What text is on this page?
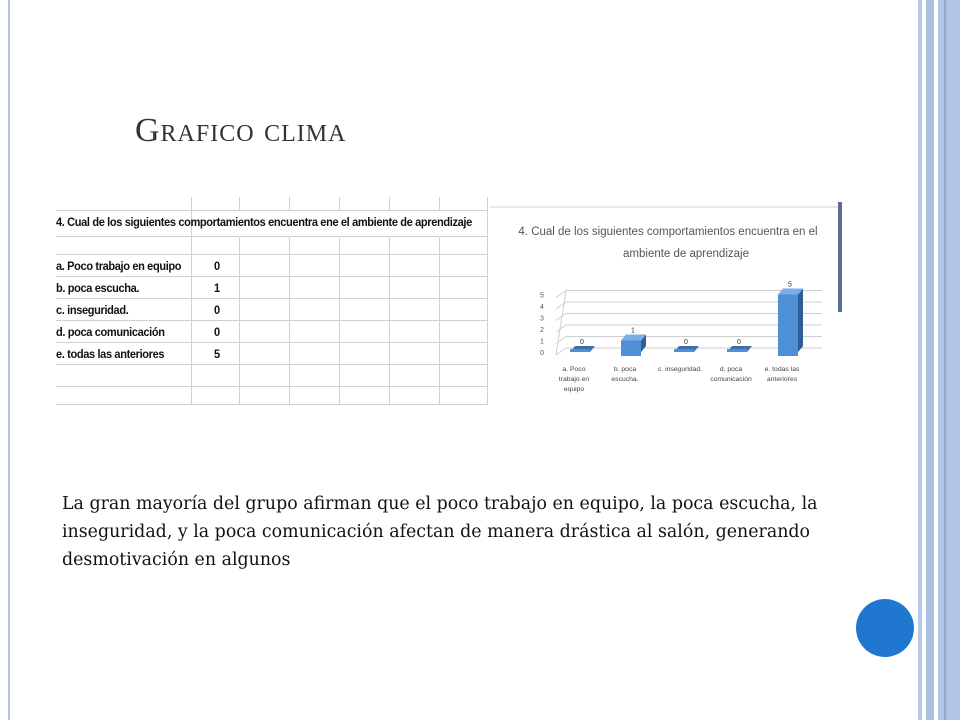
Grafico clima
4. Cual de los siguientes comportamientos encuentra ene el ambiente de aprendizaje
a. Poco trabajo en equipo	0
b. poca escucha.	1
c. inseguridad.	0
d. poca comunicación	0
e. todas las anteriores	5
4. Cual de los siguientes comportamientos encuentra en el
ambiente de aprendizaje
0
1
2
3
4
5
0
a. Poco
trabajo en
equipo
1
b. poca
escucha.
0
c. inseguridad.
0
d. poca
comunicación
5
e. todas las
anteriores
La gran mayoría del grupo afirman que el poco trabajo en equipo, la poca escucha, la inseguridad, y la poca comunicación afectan de manera drástica al salón, generando desmotivación en algunos
